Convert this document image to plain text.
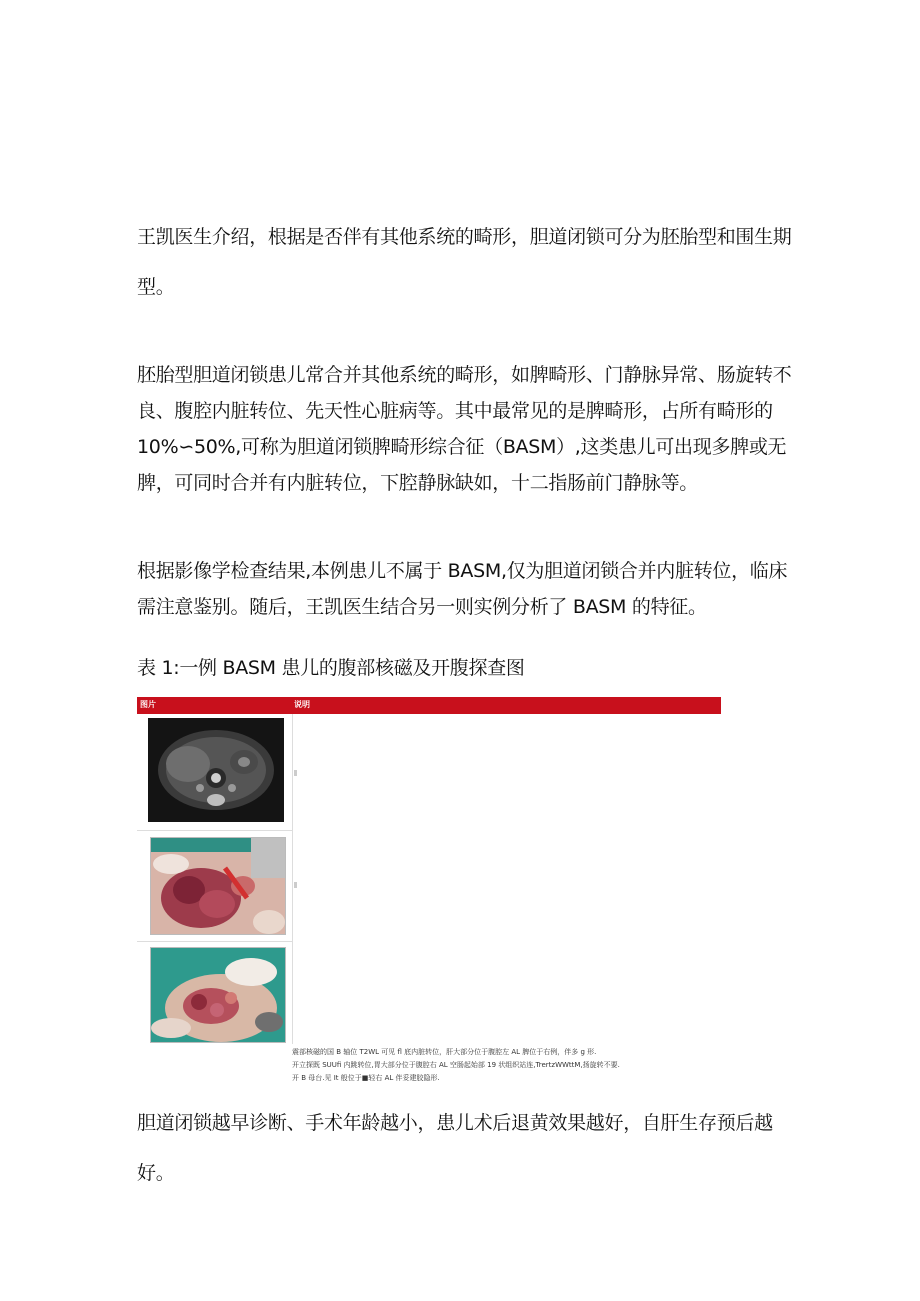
王凯医生介绍，根据是否伴有其他系统的畸形，胆道闭锁可分为胚胎型和围生期型。

胚胎型胆道闭锁患儿常合并其他系统的畸形，如脾畸形、门静脉异常、肠旋转不良、腹腔内脏转位、先天性心脏病等。其中最常见的是脾畸形，占所有畸形的 10%∽50%,可称为胆道闭锁脾畸形综合征（BASM）,这类患儿可出现多脾或无脾，可同时合并有内脏转位，下腔静脉缺如，十二指肠前门静脉等。

根据影像学检查结果,本例患儿不属于 BASM,仅为胆道闭锁合并内脏转位，临床需注意鉴别。随后，王凯医生结合另一则实例分析了 BASM 的特征。

表 1:一例 BASM 患儿的腹部核磁及开腹探查图

图片	说明
震部核磁的国 B 轴位 T2WL 可见 fl 底内脏转位，肝大部分位于腹腔左 AL 脾位于右例，伴多 g 形.
开立探既 SUUfi 内跳转位,胃大部分位于腹腔右 AL 空肠起始部 19 状组织站连,TrertzWWttM,扬旋转不要.
开 B 母台.见 It 般位于■轻右 AL 伴妥建胶隐形.

胆道闭锁越早诊断、手术年龄越小，患儿术后退黄效果越好，自肝生存预后越好。
